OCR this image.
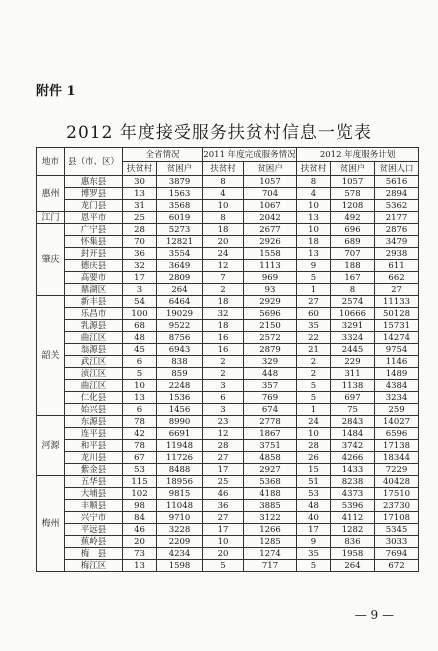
附件 1
2012 年度接受服务扶贫村信息一览表
地市	县（市、区）	全省情况		2011 年度完成服务情况		2012 年度服务计划		
		扶贫村	贫困户	扶贫村	贫困户	扶贫村	贫困户	贫困人口
惠州	惠东县	30	3879	8	1057	8	1057	5616
	博罗县	13	1563	4	704	4	578	2894
	龙门县	31	3568	10	1067	10	1208	5362
江门	恩平市	25	6019	8	2042	13	492	2177
肇庆	广宁县	28	5273	18	2677	10	696	2876
	怀集县	70	12821	20	2926	18	689	3479
	封开县	36	3554	24	1558	13	707	2938
	德庆县	32	3649	12	1113	9	188	611
	高要市	17	2809	7	969	5	167	662
	鼎湖区	3	264	2	93	1	8	27
韶关	新丰县	54	6464	18	2929	27	2574	11133
	乐昌市	100	19029	32	5696	60	10666	50128
	乳源县	68	9522	18	2150	35	3291	15731
	曲江区	48	8756	16	2572	22	3324	14274
	翁源县	45	6943	16	2879	21	2445	9754
	武江区	6	838	2	329	2	229	1146
	浈江区	5	859	2	448	2	311	1489
	曲江区	10	2248	3	357	5	1138	4384
	仁化县	13	1536	6	769	5	697	3234
	始兴县	6	1456	3	674	1	75	259
河源	东源县	78	8990	23	2778	24	2843	14027
	连平县	42	6691	12	1867	10	1484	6596
	和平县	78	11948	28	3751	28	3742	17138
	龙川县	67	11726	27	4858	26	4266	18344
	紫金县	53	8488	17	2927	15	1433	7229
梅州	五华县	115	18956	25	5368	51	8238	40428
	大埔县	102	9815	46	4188	53	4373	17510
	丰顺县	98	11048	36	3885	48	5396	23730
	兴宁市	84	9710	27	3122	40	4112	17108
	平远县	46	3228	17	1266	17	1282	5345
	蕉岭县	20	2209	10	1285	9	836	3033
	梅　县	73	4234	20	1274	35	1958	7694
	梅江区	13	1598	5	717	5	264	672
— 9 —
